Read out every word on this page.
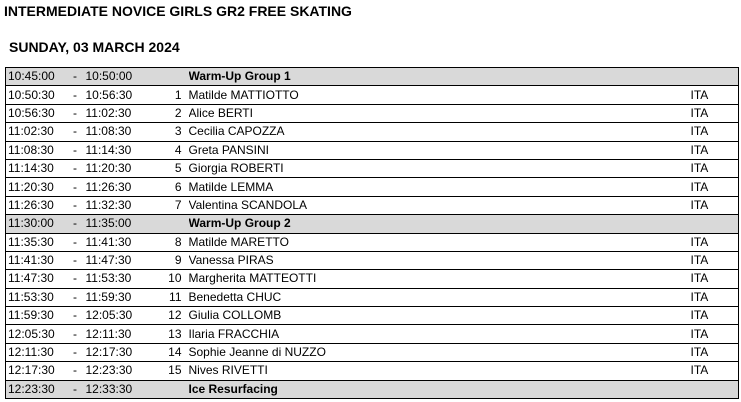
INTERMEDIATE NOVICE GIRLS GR2 FREE SKATING
SUNDAY, 03 MARCH 2024
10:45:00	-	10:50:00		Warm-Up Group 1	
10:50:30	-	10:56:30	1	Matilde MATTIOTTO	ITA
10:56:30	-	11:02:30	2	Alice BERTI	ITA
11:02:30	-	11:08:30	3	Cecilia CAPOZZA	ITA
11:08:30	-	11:14:30	4	Greta PANSINI	ITA
11:14:30	-	11:20:30	5	Giorgia ROBERTI	ITA
11:20:30	-	11:26:30	6	Matilde LEMMA	ITA
11:26:30	-	11:32:30	7	Valentina SCANDOLA	ITA
11:30:00	-	11:35:00		Warm-Up Group 2	
11:35:30	-	11:41:30	8	Matilde MARETTO	ITA
11:41:30	-	11:47:30	9	Vanessa PIRAS	ITA
11:47:30	-	11:53:30	10	Margherita MATTEOTTI	ITA
11:53:30	-	11:59:30	11	Benedetta CHUC	ITA
11:59:30	-	12:05:30	12	Giulia COLLOMB	ITA
12:05:30	-	12:11:30	13	Ilaria FRACCHIA	ITA
12:11:30	-	12:17:30	14	Sophie Jeanne di NUZZO	ITA
12:17:30	-	12:23:30	15	Nives RIVETTI	ITA
12:23:30	-	12:33:30		Ice Resurfacing	
